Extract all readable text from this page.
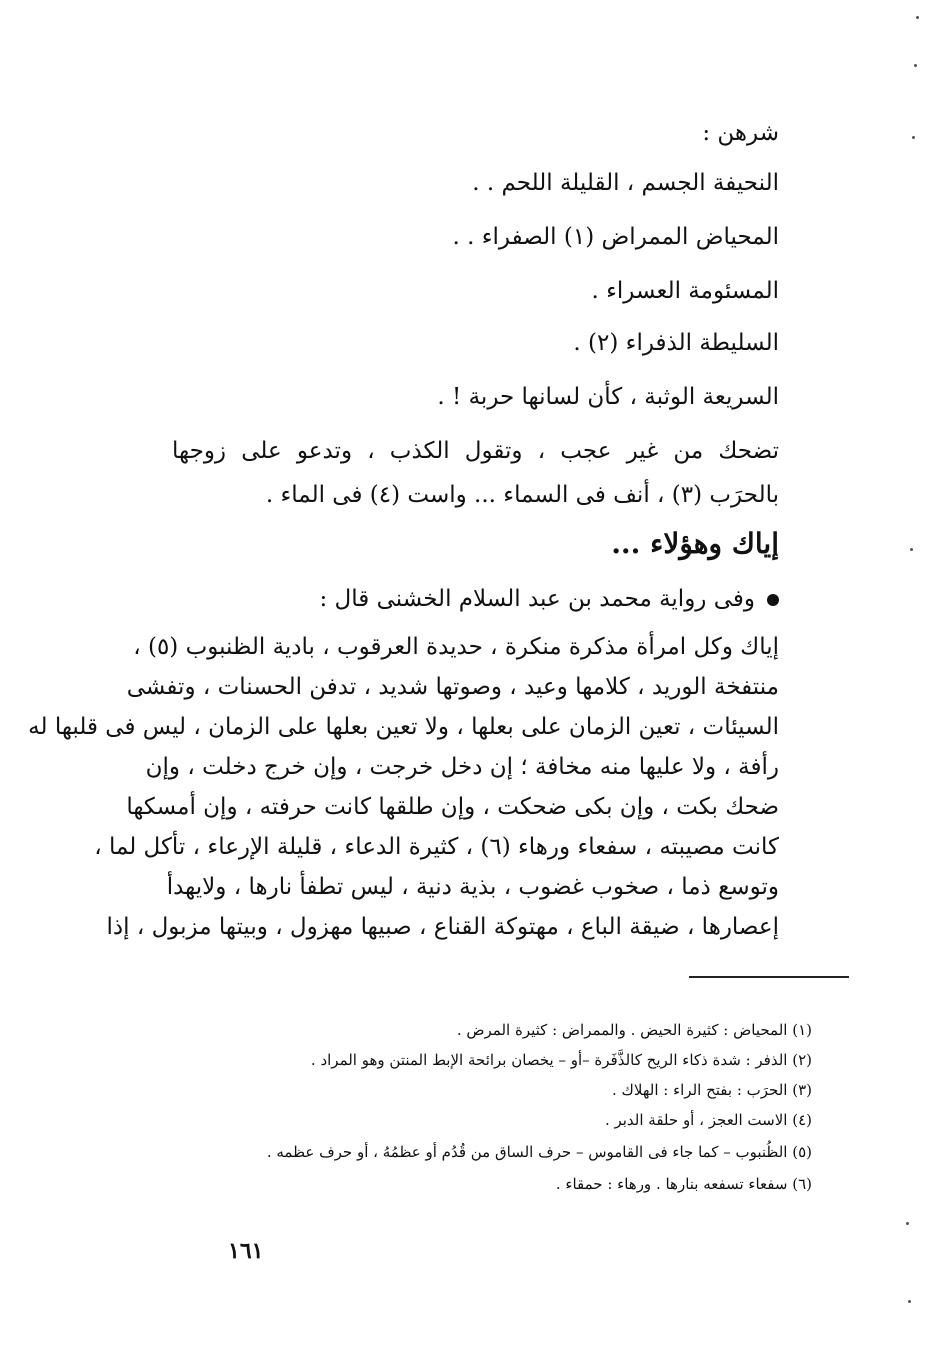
شرهن :
النحيفة الجسم ، القليلة اللحم . .
المحياض الممراض (١) الصفراء . .
المسئومة العسراء .
السليطة الذفراء (٢) .
السريعة الوثبة ، كأن لسانها حربة ! .
تضحك من غير عجب ، وتقول الكذب ، وتدعو على زوجها
بالحرَب (٣) ، أنف فى السماء ... واست (٤) فى الماء .
إياك وهؤلاء ...
وفى رواية محمد بن عبد السلام الخشنى قال :
إياك وكل امرأة مذكرة منكرة ، حديدة العرقوب ، بادية الظنبوب (٥) ،
منتفخة الوريد ، كلامها وعيد ، وصوتها شديد ، تدفن الحسنات ، وتفشى
السيئات ، تعين الزمان على بعلها ، ولا تعين بعلها على الزمان ، ليس فى قلبها له
رأفة ، ولا عليها منه مخافة ؛ إن دخل خرجت ، وإن خرج دخلت ، وإن
ضحك بكت ، وإن بكى ضحكت ، وإن طلقها كانت حرفته ، وإن أمسكها
كانت مصيبته ، سفعاء ورهاء (٦) ، كثيرة الدعاء ، قليلة الإرعاء ، تأكل لما ،
وتوسع ذما ، صخوب غضوب ، بذية دنية ، ليس تطفأ نارها ، ولايهدأ
إعصارها ، ضيقة الباع ، مهتوكة القناع ، صبيها مهزول ، وبيتها مزبول ، إذا
(١) المحياض : كثيرة الحيض . والممراض : كثيرة المرض .
(٢) الذفر : شدة ذكاء الريح كالذَّفَرة –أو – يخصان برائحة الإبط المنتن وهو المراد .
(٣) الحرَب : بفتح الراء : الهلاك .
(٤) الاست العجز ، أو حلقة الدبر .
(٥) الظُنبوب – كما جاء فى القاموس – حرف الساق من قُدُم أو عظمُهُ ، أو حرف عظمه .
(٦) سفعاء تسفعه بنارها . ورهاء : حمقاء .
١٦١
